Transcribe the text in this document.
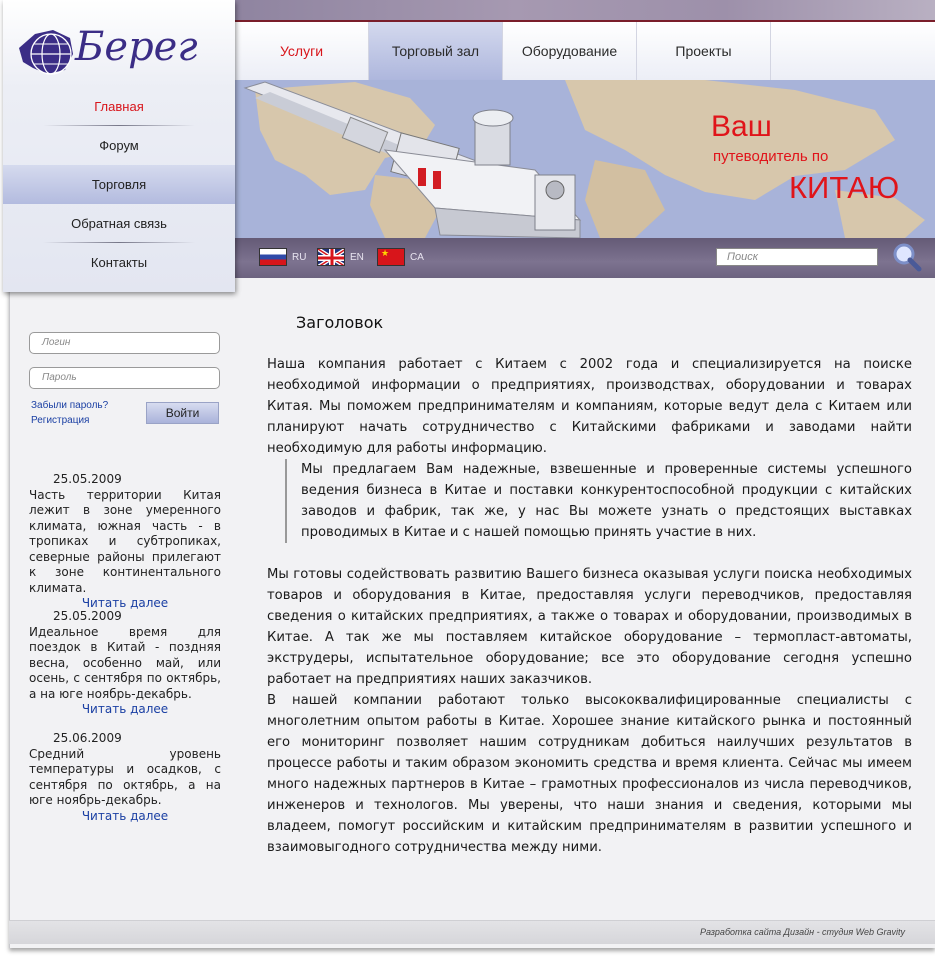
Услуги	Торговый зал	Оборудование	Проекты
Ваш
путеводитель по
КИТАЮ
RU	EN ★ CA	Поиск
Берег
Главная
Форум
Торговля
Обратная связь
Контакты
Логин
Пароль
Забыли пароль?
Регистрация
Войти
25.05.2009
Часть территории Китая лежит в зоне умеренного климата, южная часть - в тропиках и субтропиках, северные районы прилегают к зоне континентального климата.
Читать далее
25.05.2009
Идеальное время для поездок в Китай - поздняя весна, особенно май, или осень, с сентября по октябрь, а на юге ноябрь-декабрь.
Читать далее
25.06.2009
Средний уровень температуры и осадков, с сентября по октябрь, а на юге ноябрь-декабрь.
Читать далее
Заголовок
Наша компания работает с Китаем с 2002 года и специализируется на поиске необходимой информации о предприятиях, производствах, оборудовании и товарах Китая. Мы поможем предпринимателям и компаниям, которые ведут дела с Китаем или планируют начать сотрудничество с Китайскими фабриками и заводами найти необходимую для работы информацию.
Мы предлагаем Вам надежные, взвешенные и проверенные системы успешного ведения бизнеса в Китае и поставки конкурентоспособной продукции с китайских заводов и фабрик, так же, у нас Вы можете узнать о предстоящих выставках проводимых в Китае и с нашей помощью принять участие в них.
Мы готовы содействовать развитию Вашего бизнеса оказывая услуги поиска необходимых товаров и оборудования в Китае, предоставляя услуги переводчиков, предоставляя сведения о китайских предприятиях, а также о товарах и оборудовании, производимых в Китае. А так же мы поставляем китайское оборудование – термопласт-автоматы, экструдеры, испытательное оборудование; все это оборудование сегодня успешно работает на предприятиях наших заказчиков.
В нашей компании работают только высококвалифицированные специалисты с многолетним опытом работы в Китае. Хорошее знание китайского рынка и постоянный его мониторинг позволяет нашим сотрудникам добиться наилучших результатов в процессе работы и таким образом экономить средства и время клиента. Сейчас мы имеем много надежных партнеров в Китае – грамотных профессионалов из числа переводчиков, инженеров и технологов. Мы уверены, что наши знания и сведения, которыми мы владеем, помогут российским и китайским предпринимателям в развитии успешного и взаимовыгодного сотрудничества между ними.
Разработка сайта Дизайн - студия Web Gravity
